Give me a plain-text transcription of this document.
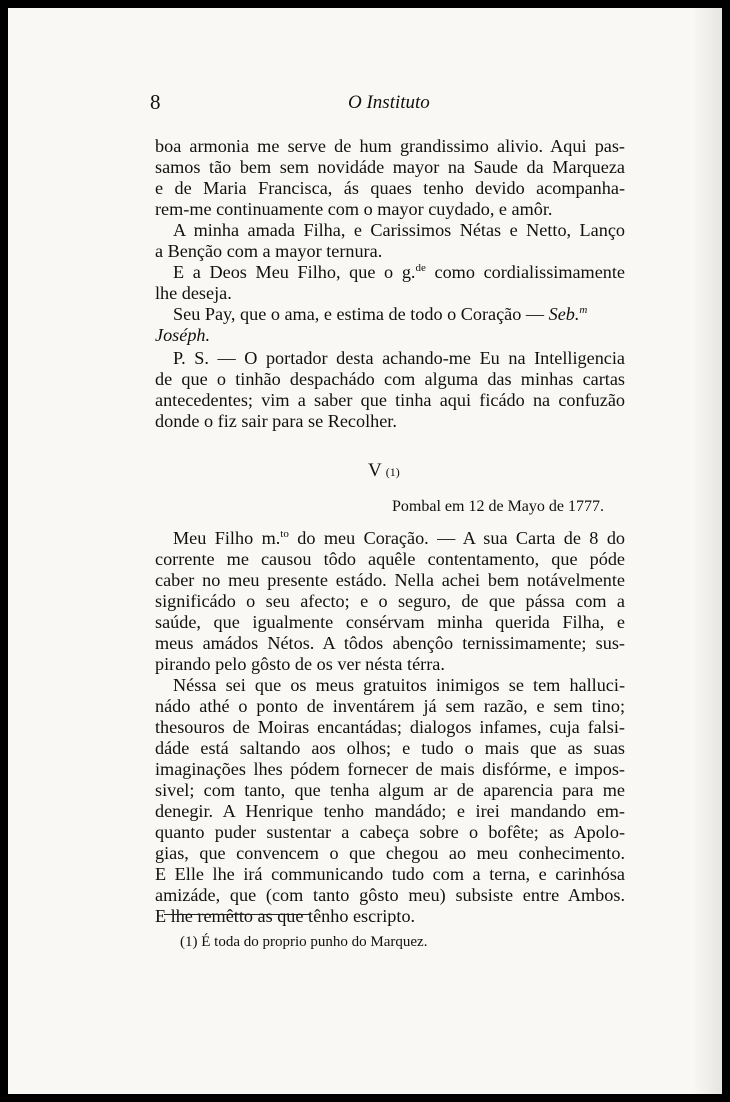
8	O Instituto
boa armonia me serve de hum grandissimo alivio. Aqui pas-
samos tão bem sem novidáde mayor na Saude da Marqueza
e de Maria Francisca, ás quaes tenho devido acompanha-
rem-me continuamente com o mayor cuydado, e amôr.
A minha amada Filha, e Carissimos Nétas e Netto, Lanço
a Benção com a mayor ternura.
E a Deos Meu Filho, que o g.$^{de}$ como cordialissimamente
lhe deseja.
Seu Pay, que o ama, e estima de todo o Coração — Seb.$^m$
Joséph.
P. S. — O portador desta achando-me Eu na Intelligencia
de que o tinhão despachádo com alguma das minhas cartas
antecedentes; vim a saber que tinha aqui ficádo na confuzão
donde o fiz sair para se Recolher.
V (1)
Pombal em 12 de Mayo de 1777.
Meu Filho m.$^{to}$ do meu Coração. — A sua Carta de 8 do
corrente me causou tôdo aquêle contentamento, que póde
caber no meu presente estádo. Nella achei bem notávelmente
significádo o seu afecto; e o seguro, de que pássa com a
saúde, que igualmente consérvam minha querida Filha, e
meus amádos Nétos. A tôdos abençôo ternissimamente; sus-
pirando pelo gôsto de os ver nésta térra.
Néssa sei que os meus gratuitos inimigos se tem halluci-
nádo athé o ponto de inventárem já sem razão, e sem tino;
thesouros de Moiras encantádas; dialogos infames, cuja falsi-
dáde está saltando aos olhos; e tudo o mais que as suas
imaginações lhes pódem fornecer de mais disfórme, e impos-
sivel; com tanto, que tenha algum ar de aparencia para me
denegir. A Henrique tenho mandádo; e irei mandando em-
quanto puder sustentar a cabeça sobre o bofête; as Apolo-
gias, que convencem o que chegou ao meu conhecimento.
E Elle lhe irá communicando tudo com a terna, e carinhósa
amizáde, que (com tanto gôsto meu) subsiste entre Ambos.
E lhe remêtto as que tênho escripto.
(1) É toda do proprio punho do Marquez.
